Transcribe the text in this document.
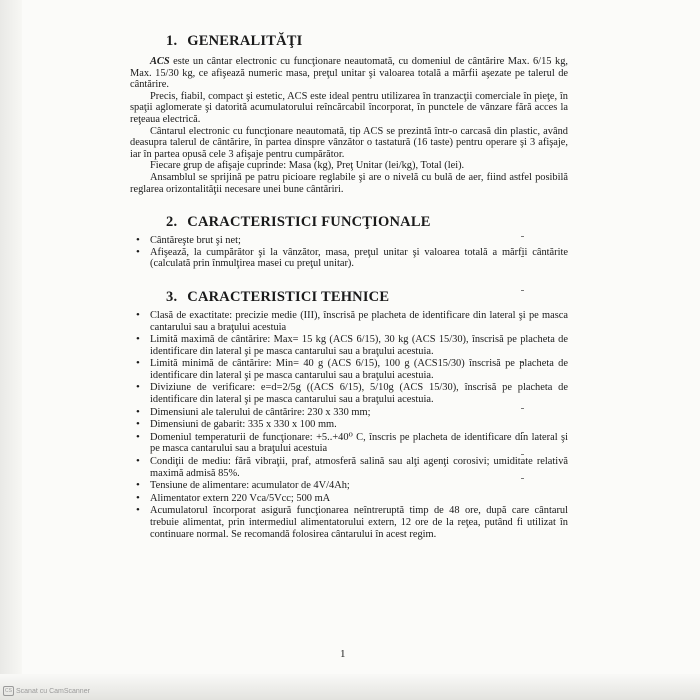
1. GENERALITĂŢI

ACS este un cântar electronic cu funcţionare neautomată, cu domeniul de cântărire Max. 6/15 kg, Max. 15/30 kg, ce afişează numeric masa, preţul unitar şi valoarea totală a mărfii aşezate pe talerul de cântărire.

Precis, fiabil, compact şi estetic, ACS este ideal pentru utilizarea în tranzacţii comerciale în pieţe, în spaţii aglomerate şi datorită acumulatorului reîncărcabil încorporat, în punctele de vânzare fără acces la reţeaua electrică.

Cântarul electronic cu funcţionare neautomată, tip ACS se prezintă într-o carcasă din plastic, având deasupra talerul de cântărire, în partea dinspre vânzător o tastatură (16 taste) pentru operare şi 3 afişaje, iar în partea opusă cele 3 afişaje pentru cumpărător.

Fiecare grup de afişaje cuprinde: Masa (kg), Preţ Unitar (lei/kg), Total (lei).

Ansamblul se sprijină pe patru picioare reglabile şi are o nivelă cu bulă de aer, fiind astfel posibilă reglarea orizontalităţii necesare unei bune cântăriri.

2. CARACTERISTICI FUNCŢIONALE
• Cântăreşte brut şi net;
• Afişează, la cumpărător şi la vânzător, masa, preţul unitar şi valoarea totală a mărfii cântărite (calculată prin înmulţirea masei cu preţul unitar).
3. CARACTERISTICI TEHNICE
• Clasă de exactitate: precizie medie (III), înscrisă pe placheta de identificare din lateral şi pe masca cantarului sau a braţului acestuia
• Limită maximă de cântărire: Max= 15 kg (ACS 6/15), 30 kg (ACS 15/30), înscrisă pe placheta de identificare din lateral şi pe masca cantarului sau a braţului acestuia.
• Limită minimă de cântărire: Min= 40 g (ACS 6/15), 100 g (ACS15/30) înscrisă pe placheta de identificare din lateral şi pe masca cantarului sau a braţului acestuia.
• Diviziune de verificare: e=d=2/5g ((ACS 6/15), 5/10g (ACS 15/30), înscrisă pe placheta de identificare din lateral şi pe masca cantarului sau a braţului acestuia.
• Dimensiuni ale talerului de cântărire: 230 x 330 mm;
• Dimensiuni de gabarit: 335 x 330 x 100 mm.
• Domeniul temperaturii de funcţionare: +5..+40⁰ C, înscris pe placheta de identificare din lateral şi pe masca cantarului sau a braţului acestuia
• Condiţii de mediu: fără vibraţii, praf, atmosferă salină sau alţi agenţi corosivi; umiditate relativă maximă admisă 85%.
• Tensiune de alimentare: acumulator de 4V/4Ah;
• Alimentator extern 220 Vca/5Vcc; 500 mA
• Acumulatorul încorporat asigură funcţionarea neîntreruptă timp de 48 ore, după care cântarul trebuie alimentat, prin intermediul alimentatorului extern, 12 ore de la reţea, putând fi utilizat în continuare normal. Se recomandă folosirea cântarului în acest regim.
1
CS Scanat cu CamScanner
